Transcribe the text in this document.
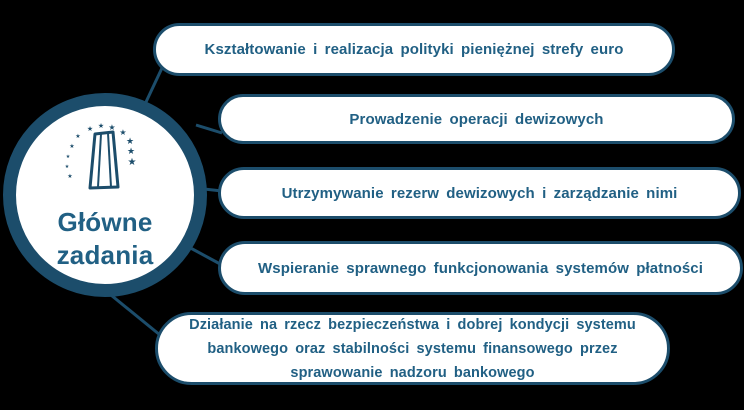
★
★
★
★
★
★ ★ ★
★
★
★
★
Główne
zadania
Kształtowanie i realizacja polityki pieniężnej strefy euro
Prowadzenie operacji dewizowych
Utrzymywanie rezerw dewizowych i zarządzanie nimi
Wspieranie sprawnego funkcjonowania systemów płatności
Działanie na rzecz bezpieczeństwa i dobrej kondycji systemu bankowego oraz stabilności systemu finansowego przez sprawowanie nadzoru bankowego
